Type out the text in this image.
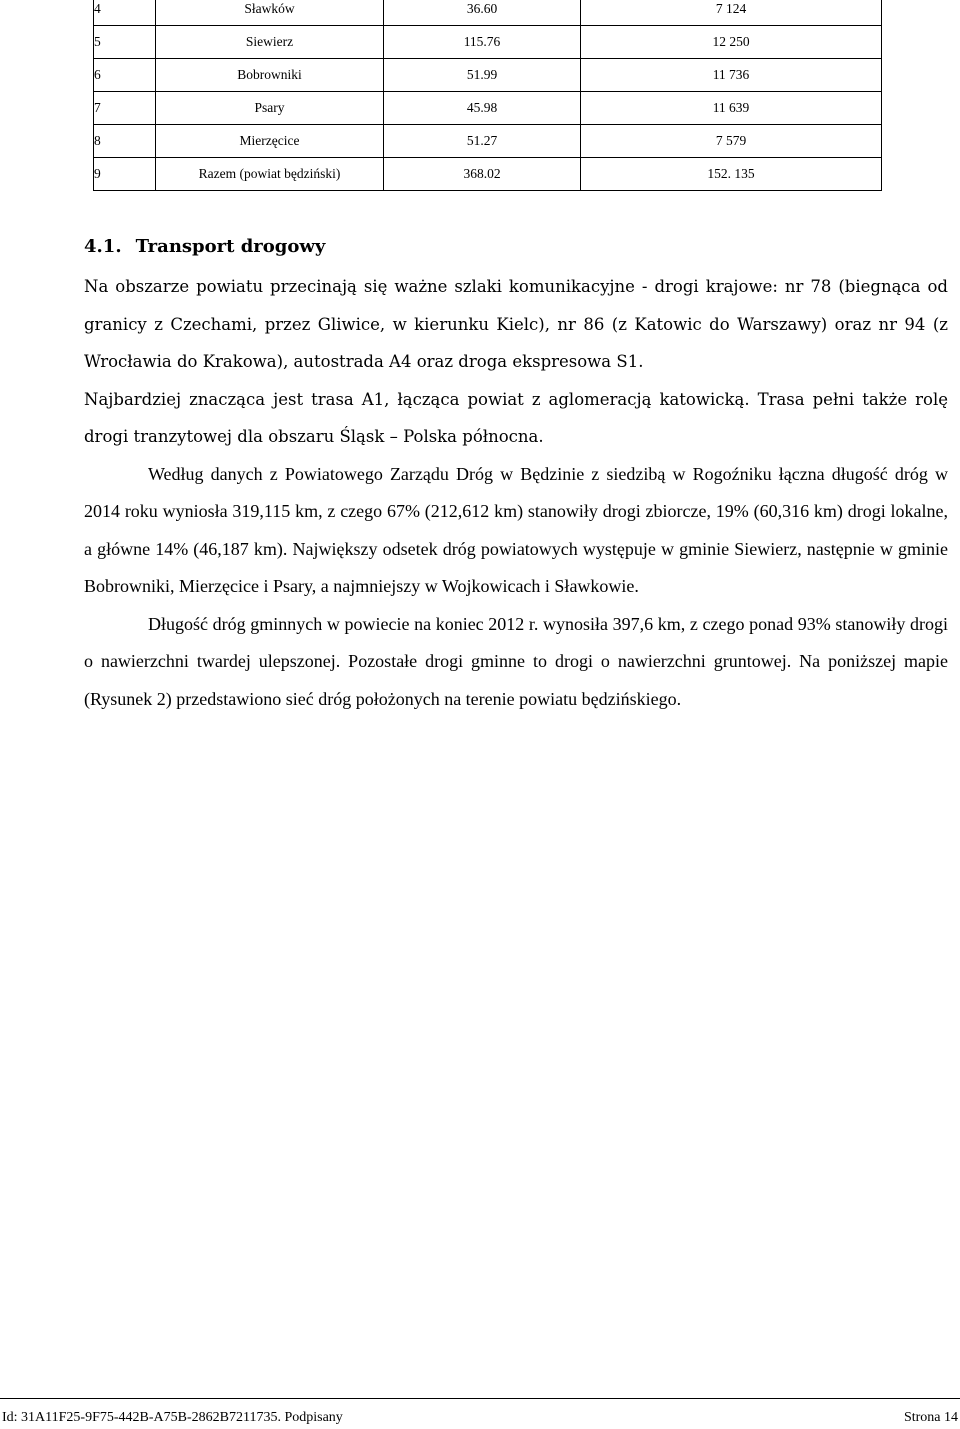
4	Sławków	36.60	7 124
5	Siewierz	115.76	12 250
6	Bobrowniki	51.99	11 736
7	Psary	45.98	11 639
8	Mierzęcice	51.27	7 579
9	Razem (powiat będziński)	368.02	152. 135
4.1. Transport drogowy

Na obszarze powiatu przecinają się ważne szlaki komunikacyjne - drogi krajowe: nr 78 (biegnąca od granicy z Czechami, przez Gliwice, w kierunku Kielc), nr 86 (z Katowic do Warszawy) oraz nr 94 (z Wrocławia do Krakowa), autostrada A4 oraz droga ekspresowa S1.

Najbardziej znacząca jest trasa A1, łącząca powiat z aglomeracją katowicką. Trasa pełni także rolę drogi tranzytowej dla obszaru Śląsk – Polska północna.

Według danych z Powiatowego Zarządu Dróg w Będzinie z siedzibą w Rogoźniku łączna długość dróg w 2014 roku wyniosła 319,115 km, z czego 67% (212,612 km) stanowiły drogi zbiorcze, 19% (60,316 km) drogi lokalne, a główne 14% (46,187 km). Największy odsetek dróg powiatowych występuje w gminie Siewierz, następnie w gminie Bobrowniki, Mierzęcice i Psary, a najmniejszy w Wojkowicach i Sławkowie.

Długość dróg gminnych w powiecie na koniec 2012 r. wynosiła 397,6 km, z czego ponad 93% stanowiły drogi o nawierzchni twardej ulepszonej. Pozostałe drogi gminne to drogi o nawierzchni gruntowej. Na poniższej mapie (Rysunek 2) przedstawiono sieć dróg położonych na terenie powiatu będzińskiego.

Id: 31A11F25-9F75-442B-A75B-2862B7211735. Podpisany	Strona 14
